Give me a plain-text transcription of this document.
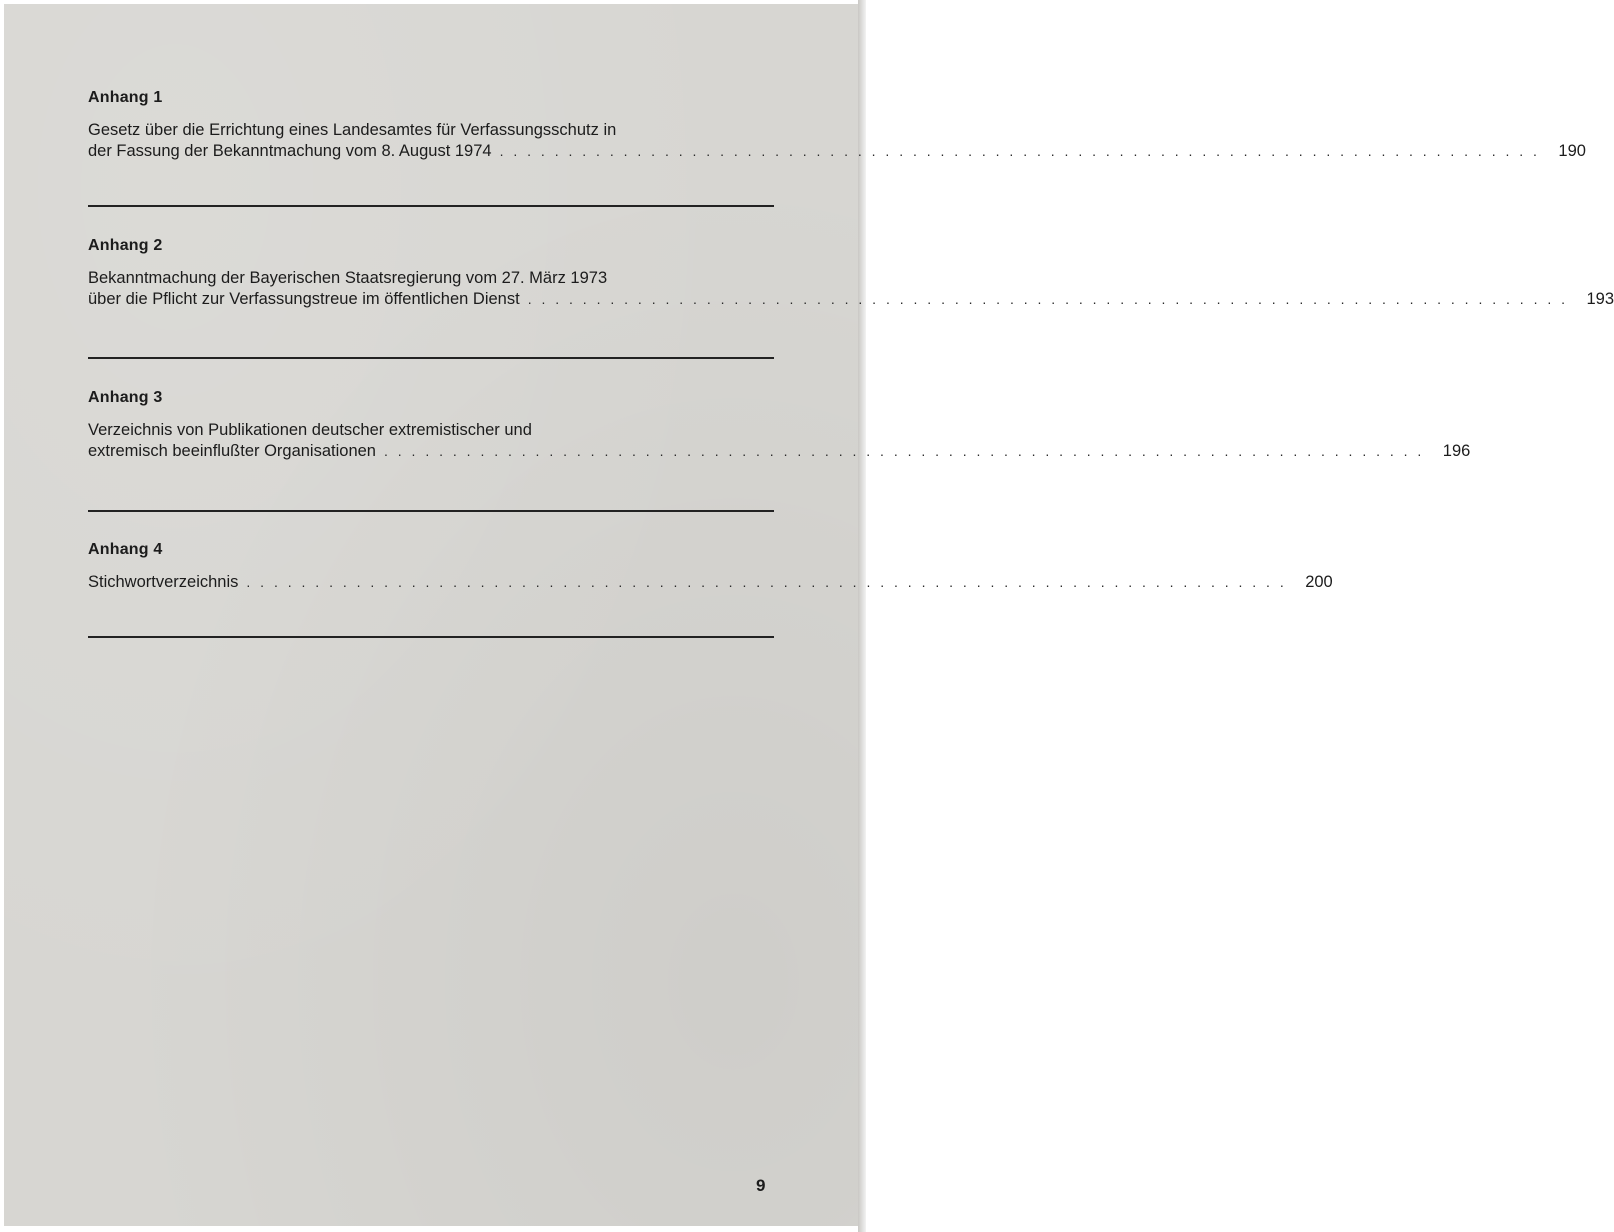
Anhang 1
Gesetz über die Errichtung eines Landesamtes für Verfassungsschutz in
der Fassung der Bekanntmachung vom 8. August 1974 . . . . . . . . . . . . . . . . . . . . . . . . . . . . . . . . . . . . . . . . . . . . . . . . . . . . . . . . . . . . . . . . . . . . . . . . . . . .	190
Anhang 2
Bekanntmachung der Bayerischen Staatsregierung vom 27. März 1973
über die Pflicht zur Verfassungstreue im öffentlichen Dienst . . . . . . . . . . . . . . . . . . . . . . . . . . . . . . . . . . . . . . . . . . . . . . . . . . . . . . . . . . . . . . . . . . . . . . . . . . . .	193
Anhang 3
Verzeichnis von Publikationen deutscher extremistischer und
extremisch beeinflußter Organisationen . . . . . . . . . . . . . . . . . . . . . . . . . . . . . . . . . . . . . . . . . . . . . . . . . . . . . . . . . . . . . . . . . . . . . . . . . . . .	196
Anhang 4
Stichwortverzeichnis . . . . . . . . . . . . . . . . . . . . . . . . . . . . . . . . . . . . . . . . . . . . . . . . . . . . . . . . . . . . . . . . . . . . . . . . . . . .	200
9
